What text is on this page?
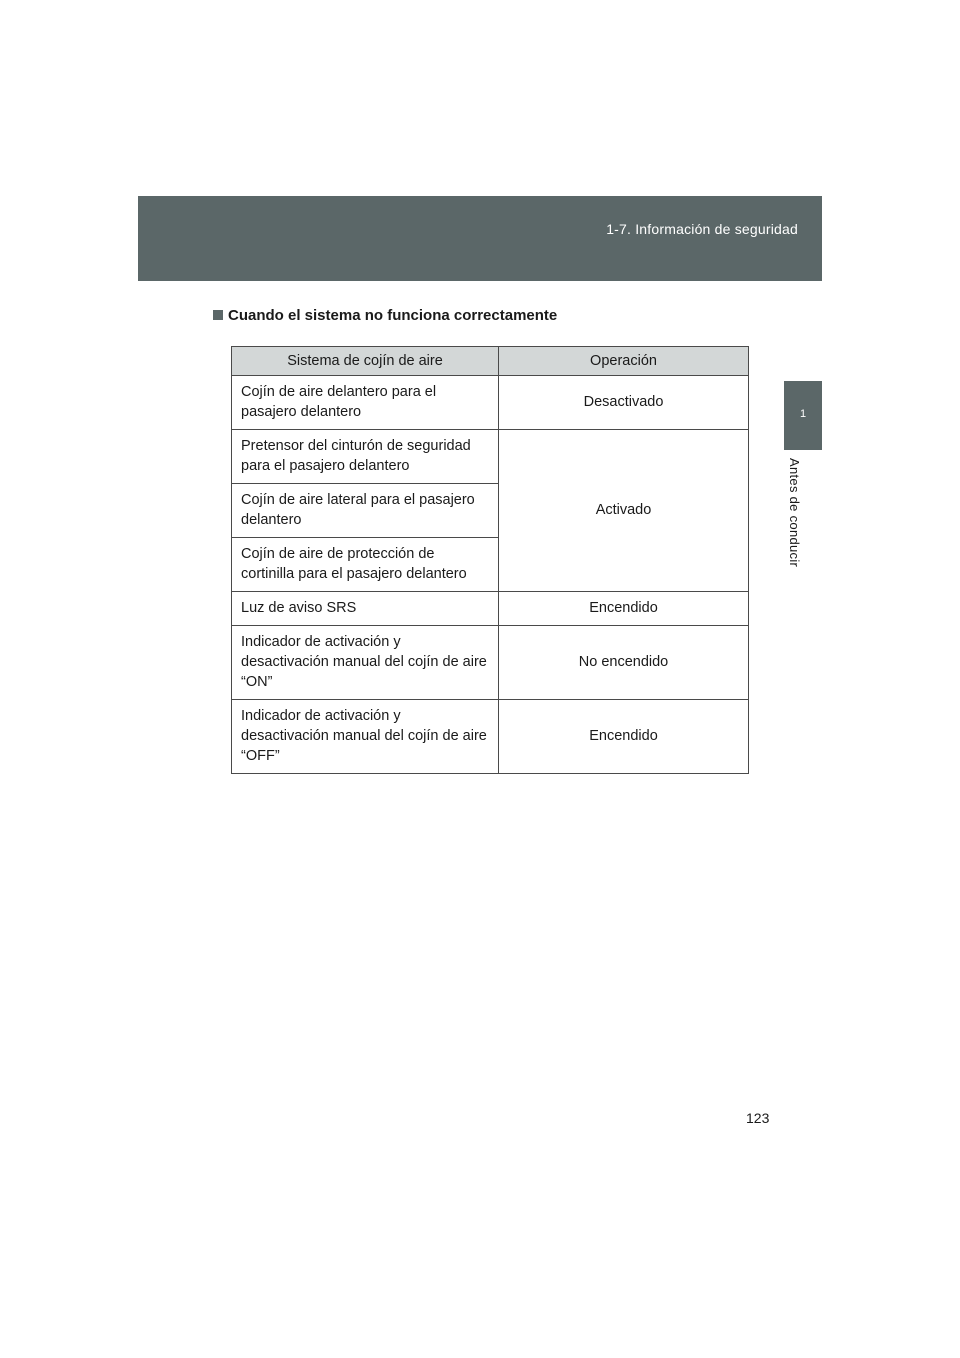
1-7. Información de seguridad
1
Antes de conducir
Cuando el sistema no funciona correctamente
Sistema de cojín de aire	Operación
Cojín de aire delantero para el pasajero delantero	Desactivado
Pretensor del cinturón de seguridad para el pasajero delantero	Activado
Cojín de aire lateral para el pasajero delantero	
Cojín de aire de protección de cortinilla para el pasajero delantero	
Luz de aviso SRS	Encendido
Indicador de activación y desactivación manual del cojín de aire “ON”	No encendido
Indicador de activación y desactivación manual del cojín de aire “OFF”	Encendido
123
